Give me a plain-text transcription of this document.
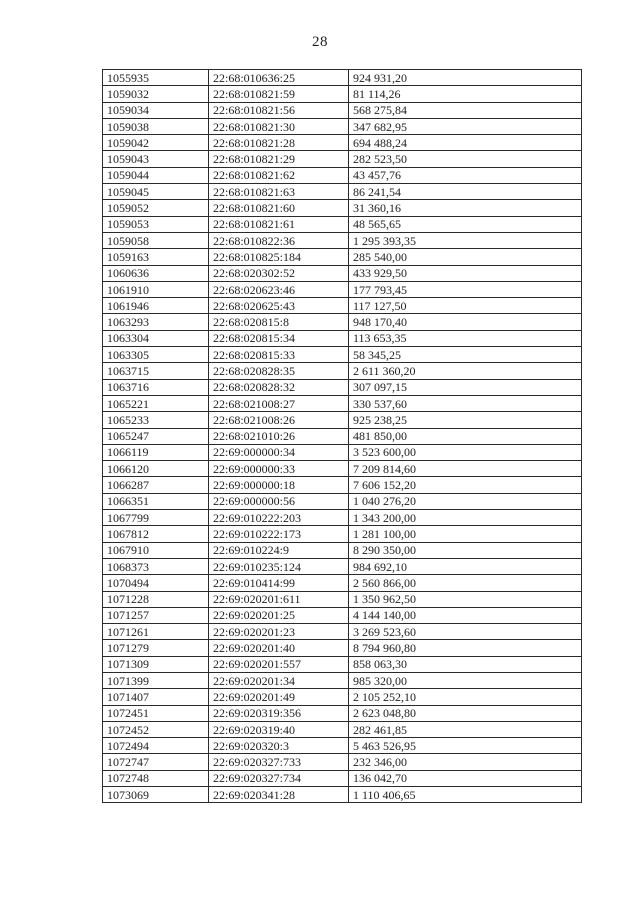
28
1055935	22:68:010636:25	924 931,20
1059032	22:68:010821:59	81 114,26
1059034	22:68:010821:56	568 275,84
1059038	22:68:010821:30	347 682,95
1059042	22:68:010821:28	694 488,24
1059043	22:68:010821:29	282 523,50
1059044	22:68:010821:62	43 457,76
1059045	22:68:010821:63	86 241,54
1059052	22:68:010821:60	31 360,16
1059053	22:68:010821:61	48 565,65
1059058	22:68:010822:36	1 295 393,35
1059163	22:68:010825:184	285 540,00
1060636	22:68:020302:52	433 929,50
1061910	22:68:020623:46	177 793,45
1061946	22:68:020625:43	117 127,50
1063293	22:68:020815:8	948 170,40
1063304	22:68:020815:34	113 653,35
1063305	22:68:020815:33	58 345,25
1063715	22:68:020828:35	2 611 360,20
1063716	22:68:020828:32	307 097,15
1065221	22:68:021008:27	330 537,60
1065233	22:68:021008:26	925 238,25
1065247	22:68:021010:26	481 850,00
1066119	22:69:000000:34	3 523 600,00
1066120	22:69:000000:33	7 209 814,60
1066287	22:69:000000:18	7 606 152,20
1066351	22:69:000000:56	1 040 276,20
1067799	22:69:010222:203	1 343 200,00
1067812	22:69:010222:173	1 281 100,00
1067910	22:69:010224:9	8 290 350,00
1068373	22:69:010235:124	984 692,10
1070494	22:69:010414:99	2 560 866,00
1071228	22:69:020201:611	1 350 962,50
1071257	22:69:020201:25	4 144 140,00
1071261	22:69:020201:23	3 269 523,60
1071279	22:69:020201:40	8 794 960,80
1071309	22:69:020201:557	858 063,30
1071399	22:69:020201:34	985 320,00
1071407	22:69:020201:49	2 105 252,10
1072451	22:69:020319:356	2 623 048,80
1072452	22:69:020319:40	282 461,85
1072494	22:69:020320:3	5 463 526,95
1072747	22:69:020327:733	232 346,00
1072748	22:69:020327:734	136 042,70
1073069	22:69:020341:28	1 110 406,65
